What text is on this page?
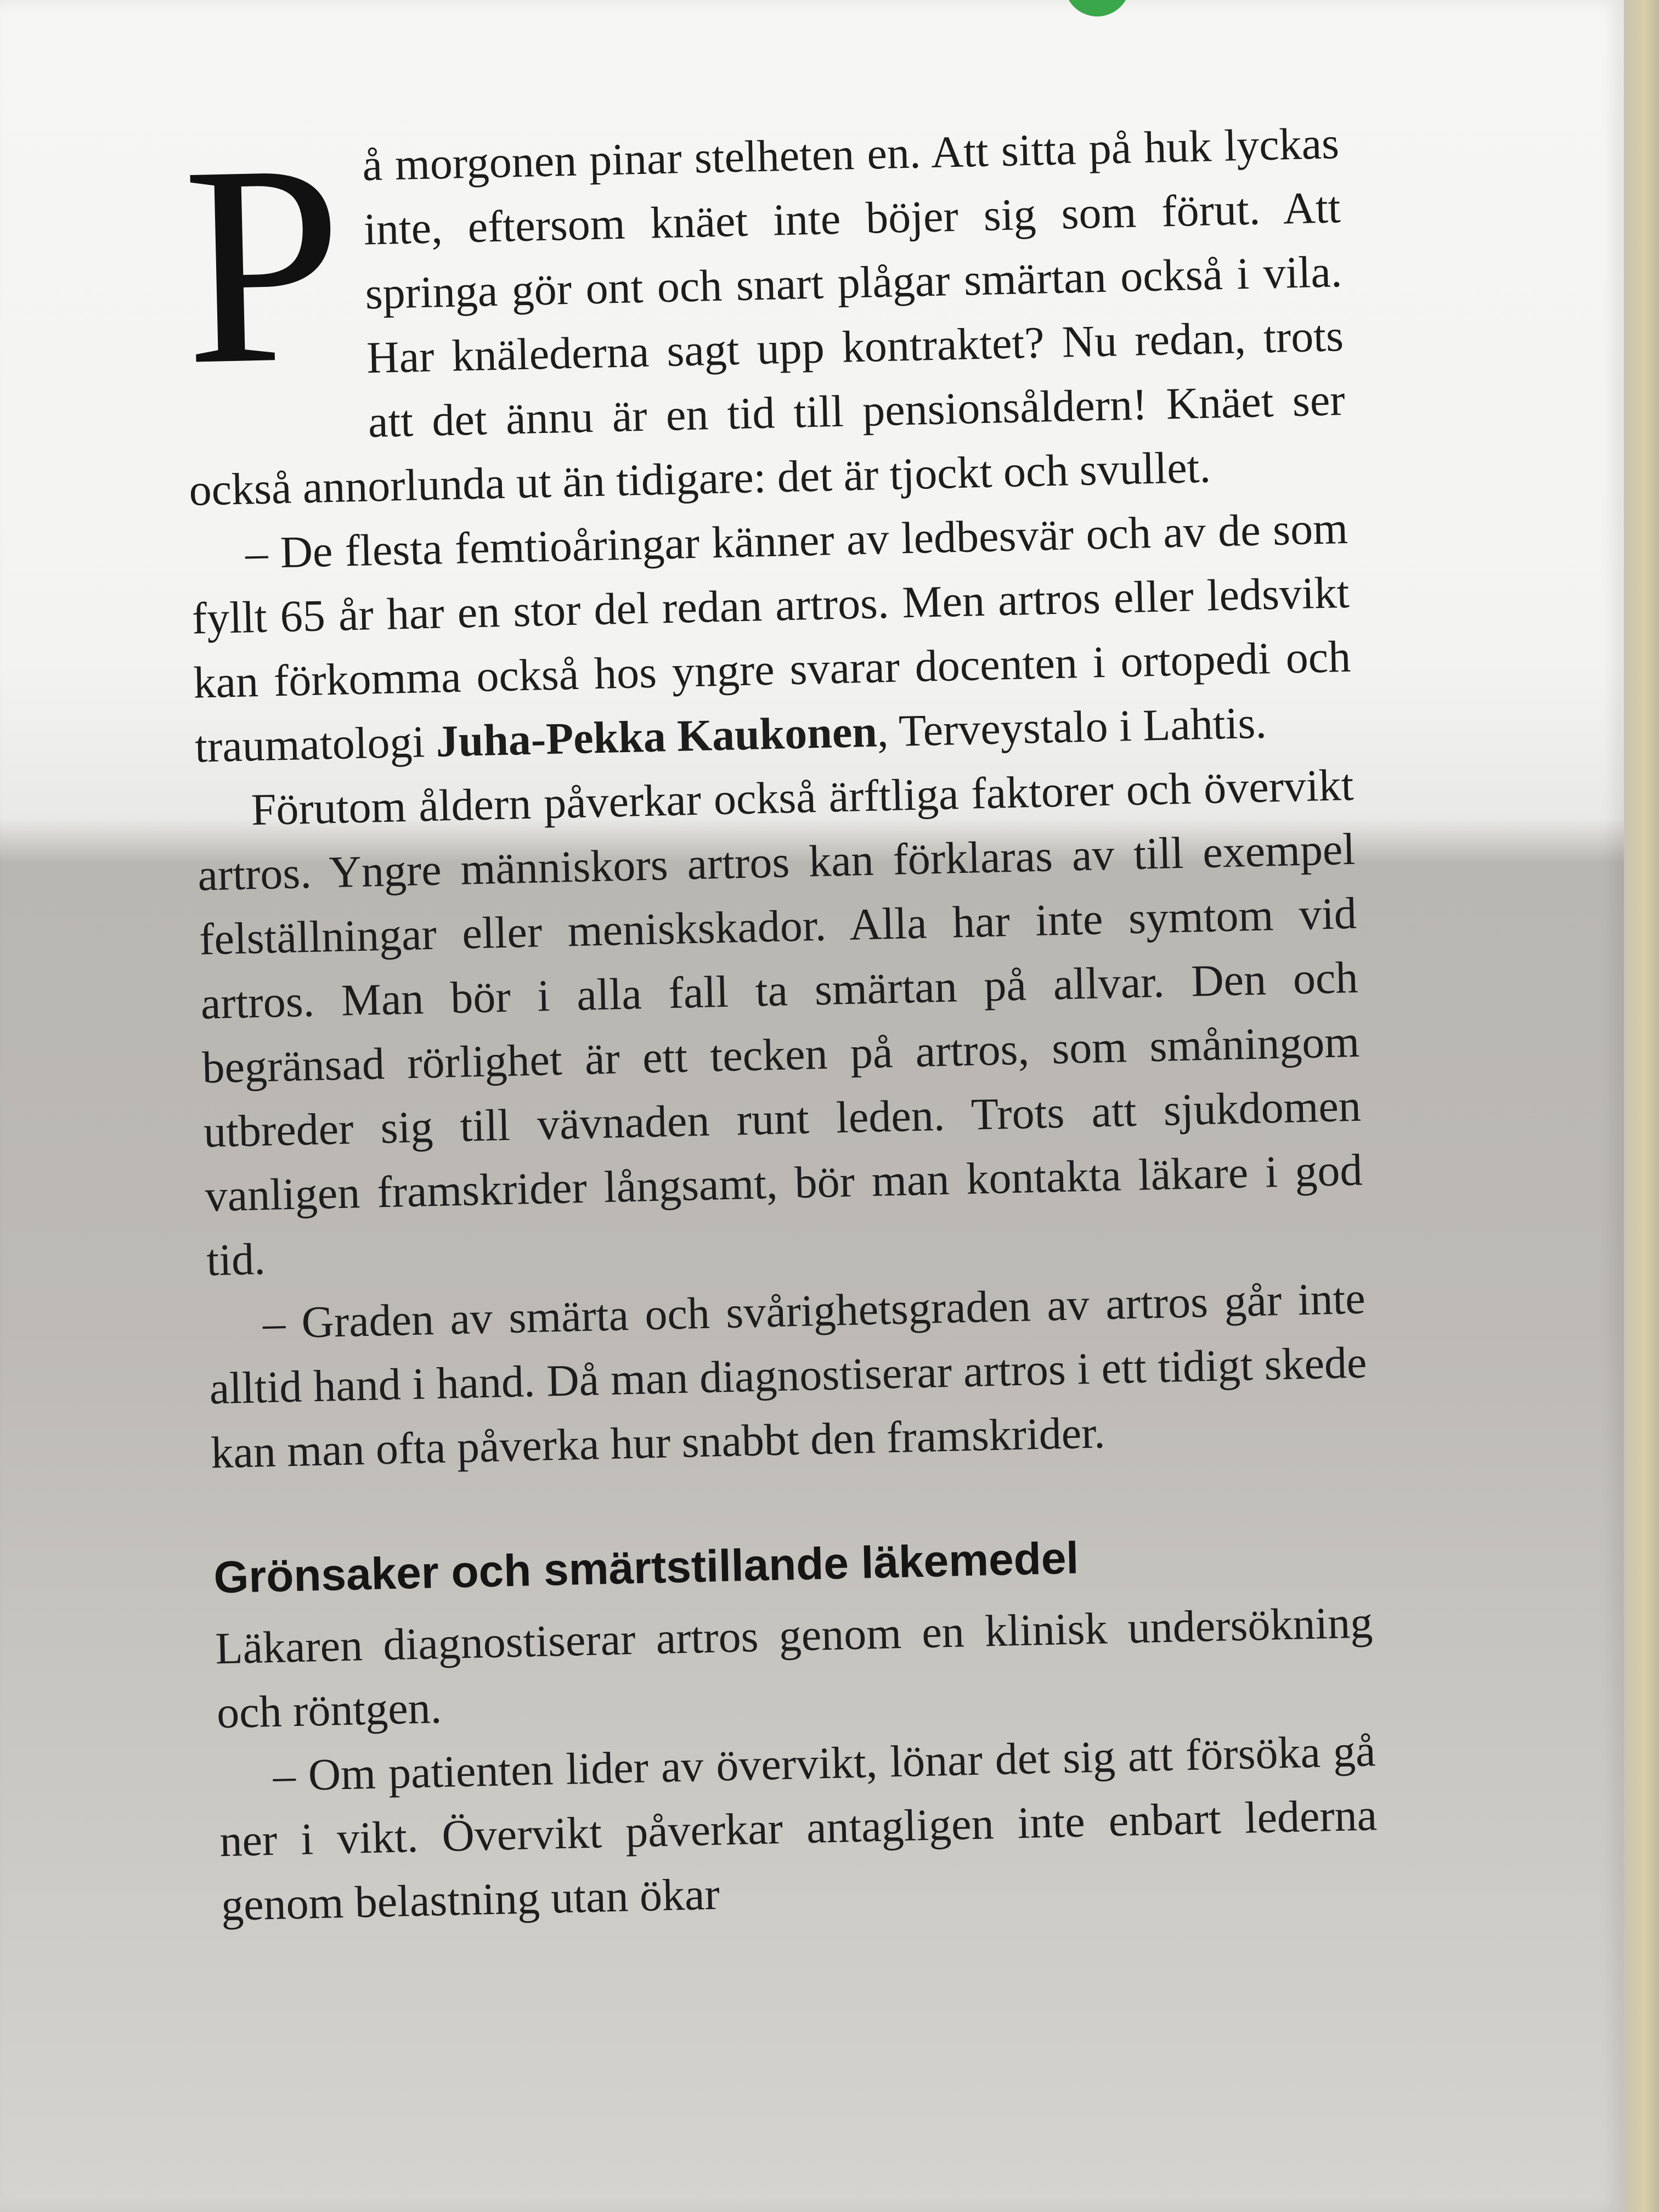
P å morgonen pinar stelheten en. Att sitta på huk lyckas inte, eftersom knäet inte böjer sig som förut. Att springa gör ont och snart plågar smärtan också i vila. Har knälederna sagt upp kontraktet? Nu redan, trots att det ännu är en tid till pensionsåldern! Knäet ser också annorlunda ut än tidigare: det är tjockt och svullet.

– De flesta femtioåringar känner av ledbesvär och av de som fyllt 65 år har en stor del redan artros. Men artros eller ledsvikt kan förkomma också hos yngre svarar docenten i ortopedi och traumatologi Juha-Pekka Kaukonen, Terveystalo i Lahtis.

Förutom åldern påverkar också ärftliga faktorer och övervikt artros. Yngre människors artros kan förklaras av till exempel felställningar eller meniskskador. Alla har inte symtom vid artros. Man bör i alla fall ta smärtan på allvar. Den och begränsad rörlighet är ett tecken på artros, som småningom utbreder sig till vävnaden runt leden. Trots att sjukdomen vanligen framskrider långsamt, bör man kontakta läkare i god tid.

– Graden av smärta och svårighetsgraden av artros går inte alltid hand i hand. Då man diagnostiserar artros i ett tidigt skede kan man ofta påverka hur snabbt den framskrider.

Grönsaker och smärtstillande läkemedel

Läkaren diagnostiserar artros genom en klinisk undersökning och röntgen.

– Om patienten lider av övervikt, lönar det sig att försöka gå ner i vikt. Övervikt påverkar antagligen inte enbart lederna genom belastning utan ökar
